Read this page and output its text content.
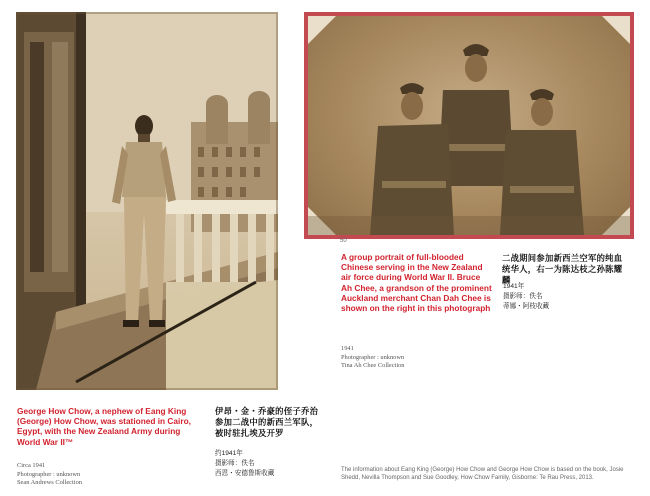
50
George How Chow, a nephew of Eang King (George) How Chow, was stationed in Cairo, Egypt, with the New Zealand Army during World War II™
伊昂・金・乔豪的侄子乔治参加二战中的新西兰军队，被时驻扎埃及开罗
Circa 1941
Photographer : unknown
Sean Andrews Collection
约1941年
摄影师：佚名
西恩・安德鲁斯收藏
A group portrait of full-blooded Chinese serving in the New Zealand air force during World War II. Bruce Ah Chee, a grandson of the prominent Auckland merchant Chan Dah Chee is shown on the right in this photograph
二战期间参加新西兰空军的纯血统华人，右一为陈达枝之孙陈耀麟
1941
Photographer : unknown
Tina Ah Chee Collection
1941年
摄影师：佚名
蒂娜・阿枝收藏
The information about Eang King (George) How Chow and George How Chow is based on the book, Josie Shedd, Nevilla Thompson and Sue Goodley, How Chow Family, Gisborne: Te Rau Press, 2013.
